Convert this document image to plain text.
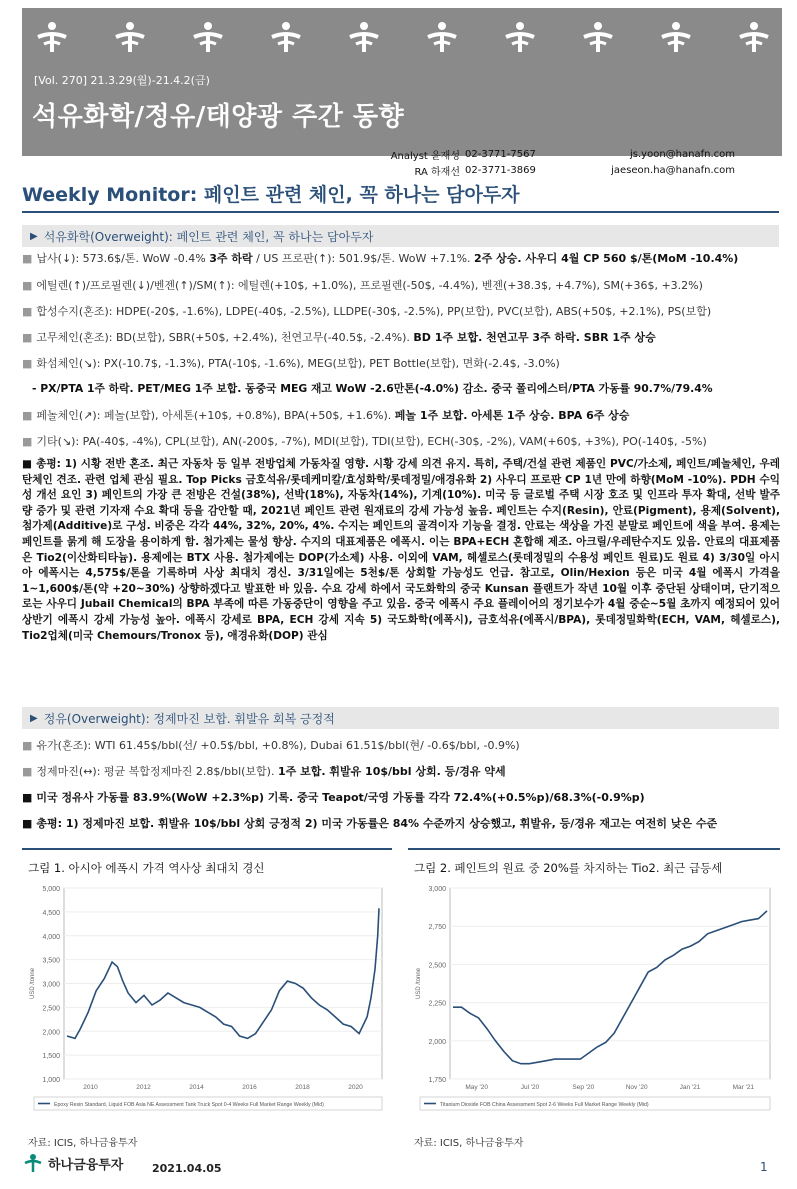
[Vol. 270] 21.3.29(월)-21.4.2(금)
석유화학/정유/태양광 주간 동향
Analyst 윤재성 02-3771-7567	js.yoon@hanafn.com
RA 하재선 02-3771-3869	jaeseon.ha@hanafn.com
Weekly Monitor: 페인트 관련 체인, 꼭 하나는 담아두자
▶ 석유화학(Overweight): 페인트 관련 체인, 꼭 하나는 담아두자
■ 납사(↓): 573.6$/톤. WoW -0.4% 3주 하락 / US 프로판(↑): 501.9$/톤. WoW +7.1%. 2주 상승. 사우디 4월 CP 560 $/톤(MoM -10.4%)
■ 에틸렌(↑)/프로필렌(↓)/벤젠(↑)/SM(↑): 에틸렌(+10$, +1.0%), 프로필렌(-50$, -4.4%), 벤젠(+38.3$, +4.7%), SM(+36$, +3.2%)
■ 합성수지(혼조): HDPE(-20$, -1.6%), LDPE(-40$, -2.5%), LLDPE(-30$, -2.5%), PP(보합), PVC(보합), ABS(+50$, +2.1%), PS(보합)
■ 고무체인(혼조): BD(보합), SBR(+50$, +2.4%), 천연고무(-40.5$, -2.4%). BD 1주 보합. 천연고무 3주 하락. SBR 1주 상승
■ 화섬체인(↘): PX(-10.7$, -1.3%), PTA(-10$, -1.6%), MEG(보합), PET Bottle(보합), 면화(-2.4$, -3.0%)
- PX/PTA 1주 하락. PET/MEG 1주 보합. 동중국 MEG 재고 WoW -2.6만톤(-4.0%) 감소. 중국 폴리에스터/PTA 가동률 90.7%/79.4%
■ 페놀체인(↗): 페놀(보합), 아세톤(+10$, +0.8%), BPA(+50$, +1.6%). 페놀 1주 보합. 아세톤 1주 상승. BPA 6주 상승
■ 기타(↘): PA(-40$, -4%), CPL(보합), AN(-200$, -7%), MDI(보합), TDI(보합), ECH(-30$, -2%), VAM(+60$, +3%), PO(-140$, -5%)
■ 총평: 1) 시황 전반 혼조. 최근 자동차 등 일부 전방업체 가동차질 영향. 시황 강세 의견 유지. 특히, 주택/건설 관련 제품인 PVC/가소제, 페인트/페놀체인, 우레탄체인 견조. 관련 업체 관심 필요. Top Picks 금호석유/롯데케미칼/효성화학/롯데정밀/애경유화 2) 사우디 프로판 CP 1년 만에 하향(MoM -10%). PDH 수익성 개선 요인 3) 페인트의 가장 큰 전방은 건설(38%), 선박(18%), 자동차(14%), 기계(10%). 미국 등 글로벌 주택 시장 호조 및 인프라 투자 확대, 선박 발주량 증가 및 관련 기자재 수요 확대 등을 감안할 때, 2021년 페인트 관련 원재료의 강세 가능성 높음. 페인트는 수지(Resin), 안료(Pigment), 용제(Solvent), 첨가제(Additive)로 구성. 비중은 각각 44%, 32%, 20%, 4%. 수지는 페인트의 골격이자 기능을 결정. 안료는 색상을 가진 분말로 페인트에 색을 부여. 용제는 페인트를 묽게 해 도장을 용이하게 함. 첨가제는 물성 향상. 수지의 대표제품은 에폭시. 이는 BPA+ECH 혼합해 제조. 아크릴/우레탄수지도 있음. 안료의 대표제품은 Tio2(이산화티타늄). 용제에는 BTX 사용. 첨가제에는 DOP(가소제) 사용. 이외에 VAM, 헤셀로스(롯데정밀의 수용성 페인트 원료)도 원료 4) 3/30일 아시아 에폭시는 4,575$/톤을 기록하며 사상 최대치 경신. 3/31일에는 5천$/톤 상회할 가능성도 언급. 참고로, Olin/Hexion 등은 미국 4월 에폭시 가격을 1~1,600$/톤(약 +20~30%) 상향하겠다고 발표한 바 있음. 수요 강세 하에서 국도화학의 중국 Kunsan 플랜트가 작년 10월 이후 중단된 상태이며, 단기적으로는 사우디 Jubail Chemical의 BPA 부족에 따른 가동중단이 영향을 주고 있음. 중국 에폭시 주요 플레이어의 정기보수가 4월 중순~5월 초까지 예정되어 있어 상반기 에폭시 강세 가능성 높아. 에폭시 강세로 BPA, ECH 강세 지속 5) 국도화학(에폭시), 금호석유(에폭시/BPA), 롯데정밀화학(ECH, VAM, 헤셀로스), Tio2업체(미국 Chemours/Tronox 등), 애경유화(DOP) 관심
▶ 정유(Overweight): 정제마진 보합. 휘발유 회복 긍정적
■ 유가(혼조): WTI 61.45$/bbl(선/ +0.5$/bbl, +0.8%), Dubai 61.51$/bbl(현/ -0.6$/bbl, -0.9%)
■ 정제마진(↔): 평균 복합정제마진 2.8$/bbl(보합). 1주 보합. 휘발유 10$/bbl 상회. 등/경유 약세
■ 미국 정유사 가동률 83.9%(WoW +2.3%p) 기록. 중국 Teapot/국영 가동률 각각 72.4%(+0.5%p)/68.3%(-0.9%p)
■ 총평: 1) 정제마진 보합. 휘발유 10$/bbl 상회 긍정적 2) 미국 가동률은 84% 수준까지 상승했고, 휘발유, 등/경유 재고는 여전히 낮은 수준
그림 1. 아시아 에폭시 가격 역사상 최대치 경신
5,000
4,500
4,000
3,500
3,000
2,500
2,000
1,500
1,000
USD /tonne
2010	2012	2014	2016	2018	2020
Epoxy Resin Standard, Liquid FOB Asia NE Assessment Tank Truck Spot 0-4 Weeks Full Market Range Weekly (Mid)
자료: ICIS, 하나금융투자
그림 2. 페인트의 원료 중 20%를 차지하는 Tio2. 최근 급등세
3,000
2,750
2,500
2,250
2,000
1,750
USD /tonne
May '20	Jul '20	Sep '20	Nov '20	Jan '21	Mar '21
Titanium Dioxide FOB China Assessment Spot 2-6 Weeks Full Market Range Weekly (Mid)
자료: ICIS, 하나금융투자
하나금융투자	2021.04.05	1
